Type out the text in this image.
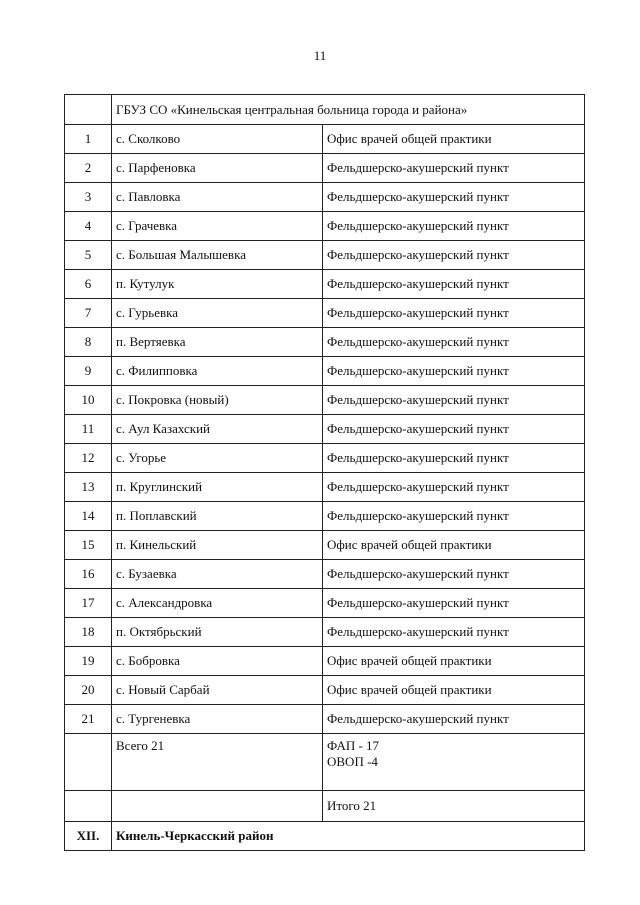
11
	ГБУЗ СО «Кинельская центральная больница города и района»	
1	с. Сколково	Офис врачей общей практики
2	с. Парфеновка	Фельдшерско-акушерский пункт
3	с. Павловка	Фельдшерско-акушерский пункт
4	с. Грачевка	Фельдшерско-акушерский пункт
5	с. Большая Малышевка	Фельдшерско-акушерский пункт
6	п. Кутулук	Фельдшерско-акушерский пункт
7	с. Гурьевка	Фельдшерско-акушерский пункт
8	п. Вертяевка	Фельдшерско-акушерский пункт
9	с. Филипповка	Фельдшерско-акушерский пункт
10	с. Покровка (новый)	Фельдшерско-акушерский пункт
11	с. Аул Казахский	Фельдшерско-акушерский пункт
12	с. Угорье	Фельдшерско-акушерский пункт
13	п. Круглинский	Фельдшерско-акушерский пункт
14	п. Поплавский	Фельдшерско-акушерский пункт
15	п. Кинельский	Офис врачей общей практики
16	с. Бузаевка	Фельдшерско-акушерский пункт
17	с. Александровка	Фельдшерско-акушерский пункт
18	п. Октябрьский	Фельдшерско-акушерский пункт
19	с. Бобровка	Офис врачей общей практики
20	с. Новый Сарбай	Офис врачей общей практики
21	с. Тургеневка	Фельдшерско-акушерский пункт

	Всего 21	ФАП - 17
ОВОП -4

		Итого 21
XII.	Кинель-Черкасский район	
